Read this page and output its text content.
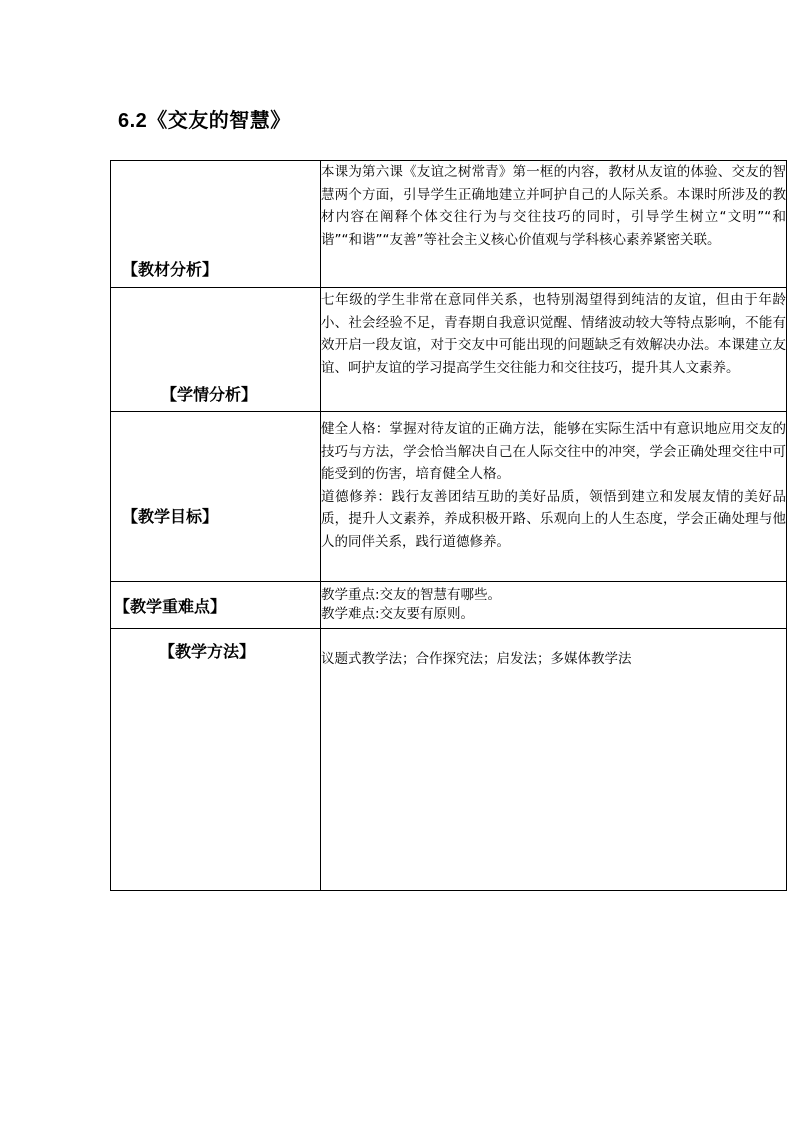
6.2《交友的智慧》
【教材分析】	本课为第六课《友谊之树常青》第一框的内容，教材从友谊的体验、交友的智慧两个方面，引导学生正确地建立并呵护自己的人际关系。本课时所涉及的教材内容在阐释个体交往行为与交往技巧的同时，引导学生树立“文明”“和谐”“和谐”“友善”等社会主义核心价值观与学科核心素养紧密关联。

【学情分析】	七年级的学生非常在意同伴关系，也特别渴望得到纯洁的友谊，但由于年龄小、社会经验不足，青春期自我意识觉醒、情绪波动较大等特点影响，不能有效开启一段友谊，对于交友中可能出现的问题缺乏有效解决办法。本课建立友谊、呵护友谊的学习提高学生交往能力和交往技巧，提升其人文素养。

【教学目标】	健全人格：掌握对待友谊的正确方法，能够在实际生活中有意识地应用交友的技巧与方法，学会恰当解决自己在人际交往中的冲突，学会正确处理交往中可能受到的伤害，培育健全人格。
道德修养：践行友善团结互助的美好品质，领悟到建立和发展友情的美好品质，提升人文素养，养成积极开路、乐观向上的人生态度，学会正确处理与他人的同伴关系，践行道德修养。

【教学重难点】	教学重点:交友的智慧有哪些。
教学难点:交友要有原则。

【教学方法】	议题式教学法；合作探究法；启发法；多媒体教学法
